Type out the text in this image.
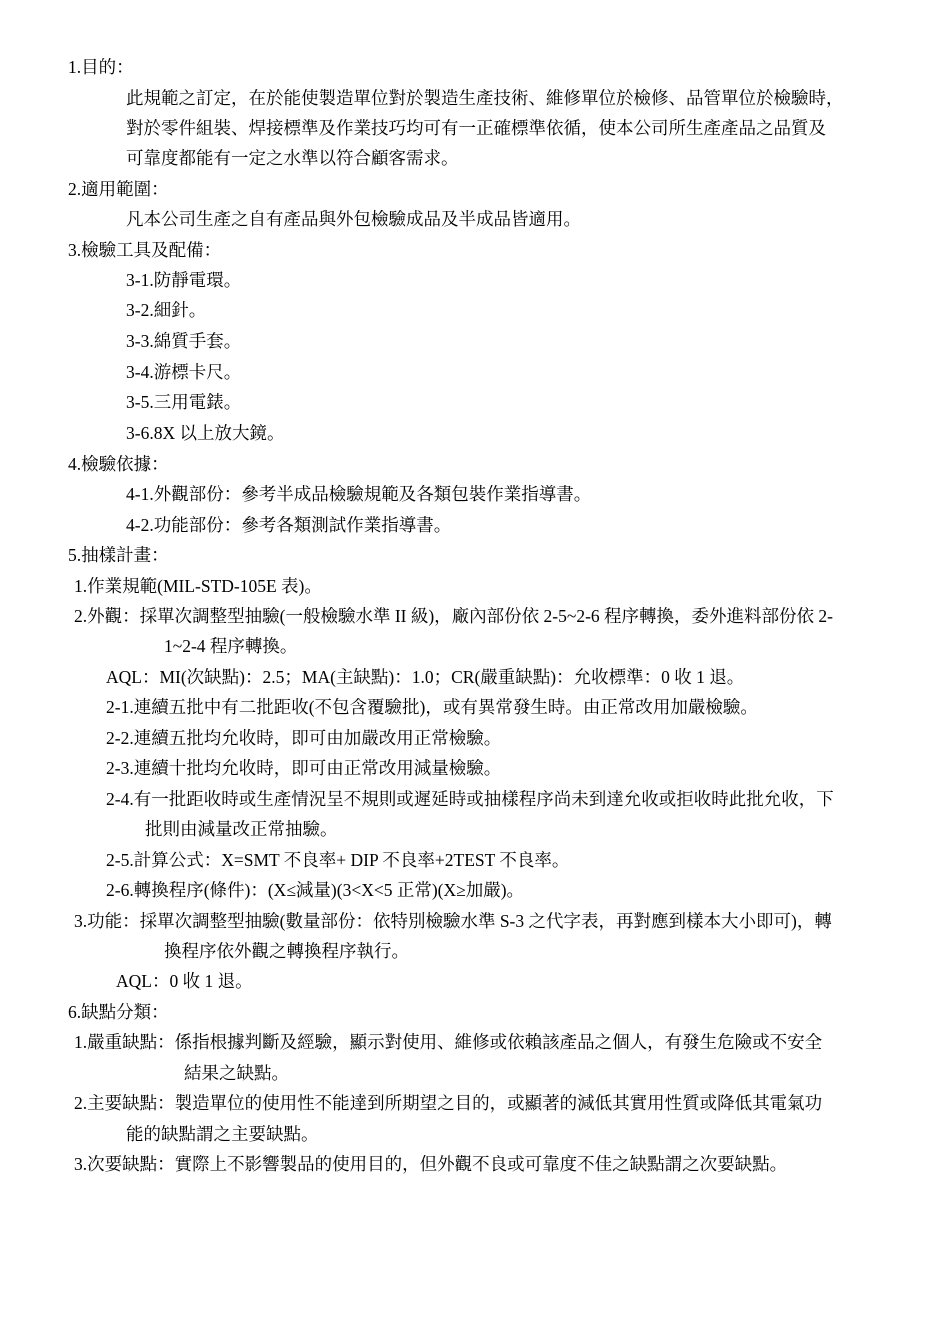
1.目的：
此規範之訂定，在於能使製造單位對於製造生產技術、維修單位於檢修、品管單位於檢驗時，
對於零件組裝、焊接標準及作業技巧均可有一正確標準依循，使本公司所生產產品之品質及
可靠度都能有一定之水準以符合顧客需求。
2.適用範圍：
凡本公司生產之自有產品與外包檢驗成品及半成品皆適用。
3.檢驗工具及配備：
3-1.防靜電環。
3-2.細針。
3-3.綿質手套。
3-4.游標卡尺。
3-5.三用電錶。
3-6.8X 以上放大鏡。
4.檢驗依據：
4-1.外觀部份：參考半成品檢驗規範及各類包裝作業指導書。
4-2.功能部份：參考各類測試作業指導書。
5.抽樣計畫：
1.作業規範(MIL-STD-105E 表)。
2.外觀：採單次調整型抽驗(一般檢驗水準 II 級)，廠內部份依 2-5~2-6 程序轉換，委外進料部份依 2-
1~2-4 程序轉換。
AQL：MI(次缺點)：2.5；MA(主缺點)：1.0；CR(嚴重缺點)：允收標準：0 收 1 退。
2-1.連續五批中有二批距收(不包含覆驗批)，或有異常發生時。由正常改用加嚴檢驗。
2-2.連續五批均允收時，即可由加嚴改用正常檢驗。
2-3.連續十批均允收時，即可由正常改用減量檢驗。
2-4.有一批距收時或生產情況呈不規則或遲延時或抽樣程序尚未到達允收或拒收時此批允收，下
批則由減量改正常抽驗。
2-5.計算公式：X=SMT 不良率+ DIP 不良率+2TEST 不良率。
2-6.轉換程序(條件)：(X≤減量)(3<X<5 正常)(X≥加嚴)。
3.功能：採單次調整型抽驗(數量部份：依特別檢驗水準 S-3 之代字表，再對應到樣本大小即可)，轉
換程序依外觀之轉換程序執行。
AQL：0 收 1 退。
6.缺點分類：
1.嚴重缺點：係指根據判斷及經驗，顯示對使用、維修或依賴該產品之個人，有發生危險或不安全
結果之缺點。
2.主要缺點：製造單位的使用性不能達到所期望之目的，或顯著的減低其實用性質或降低其電氣功
能的缺點謂之主要缺點。
3.次要缺點：實際上不影響製品的使用目的，但外觀不良或可靠度不佳之缺點謂之次要缺點。
